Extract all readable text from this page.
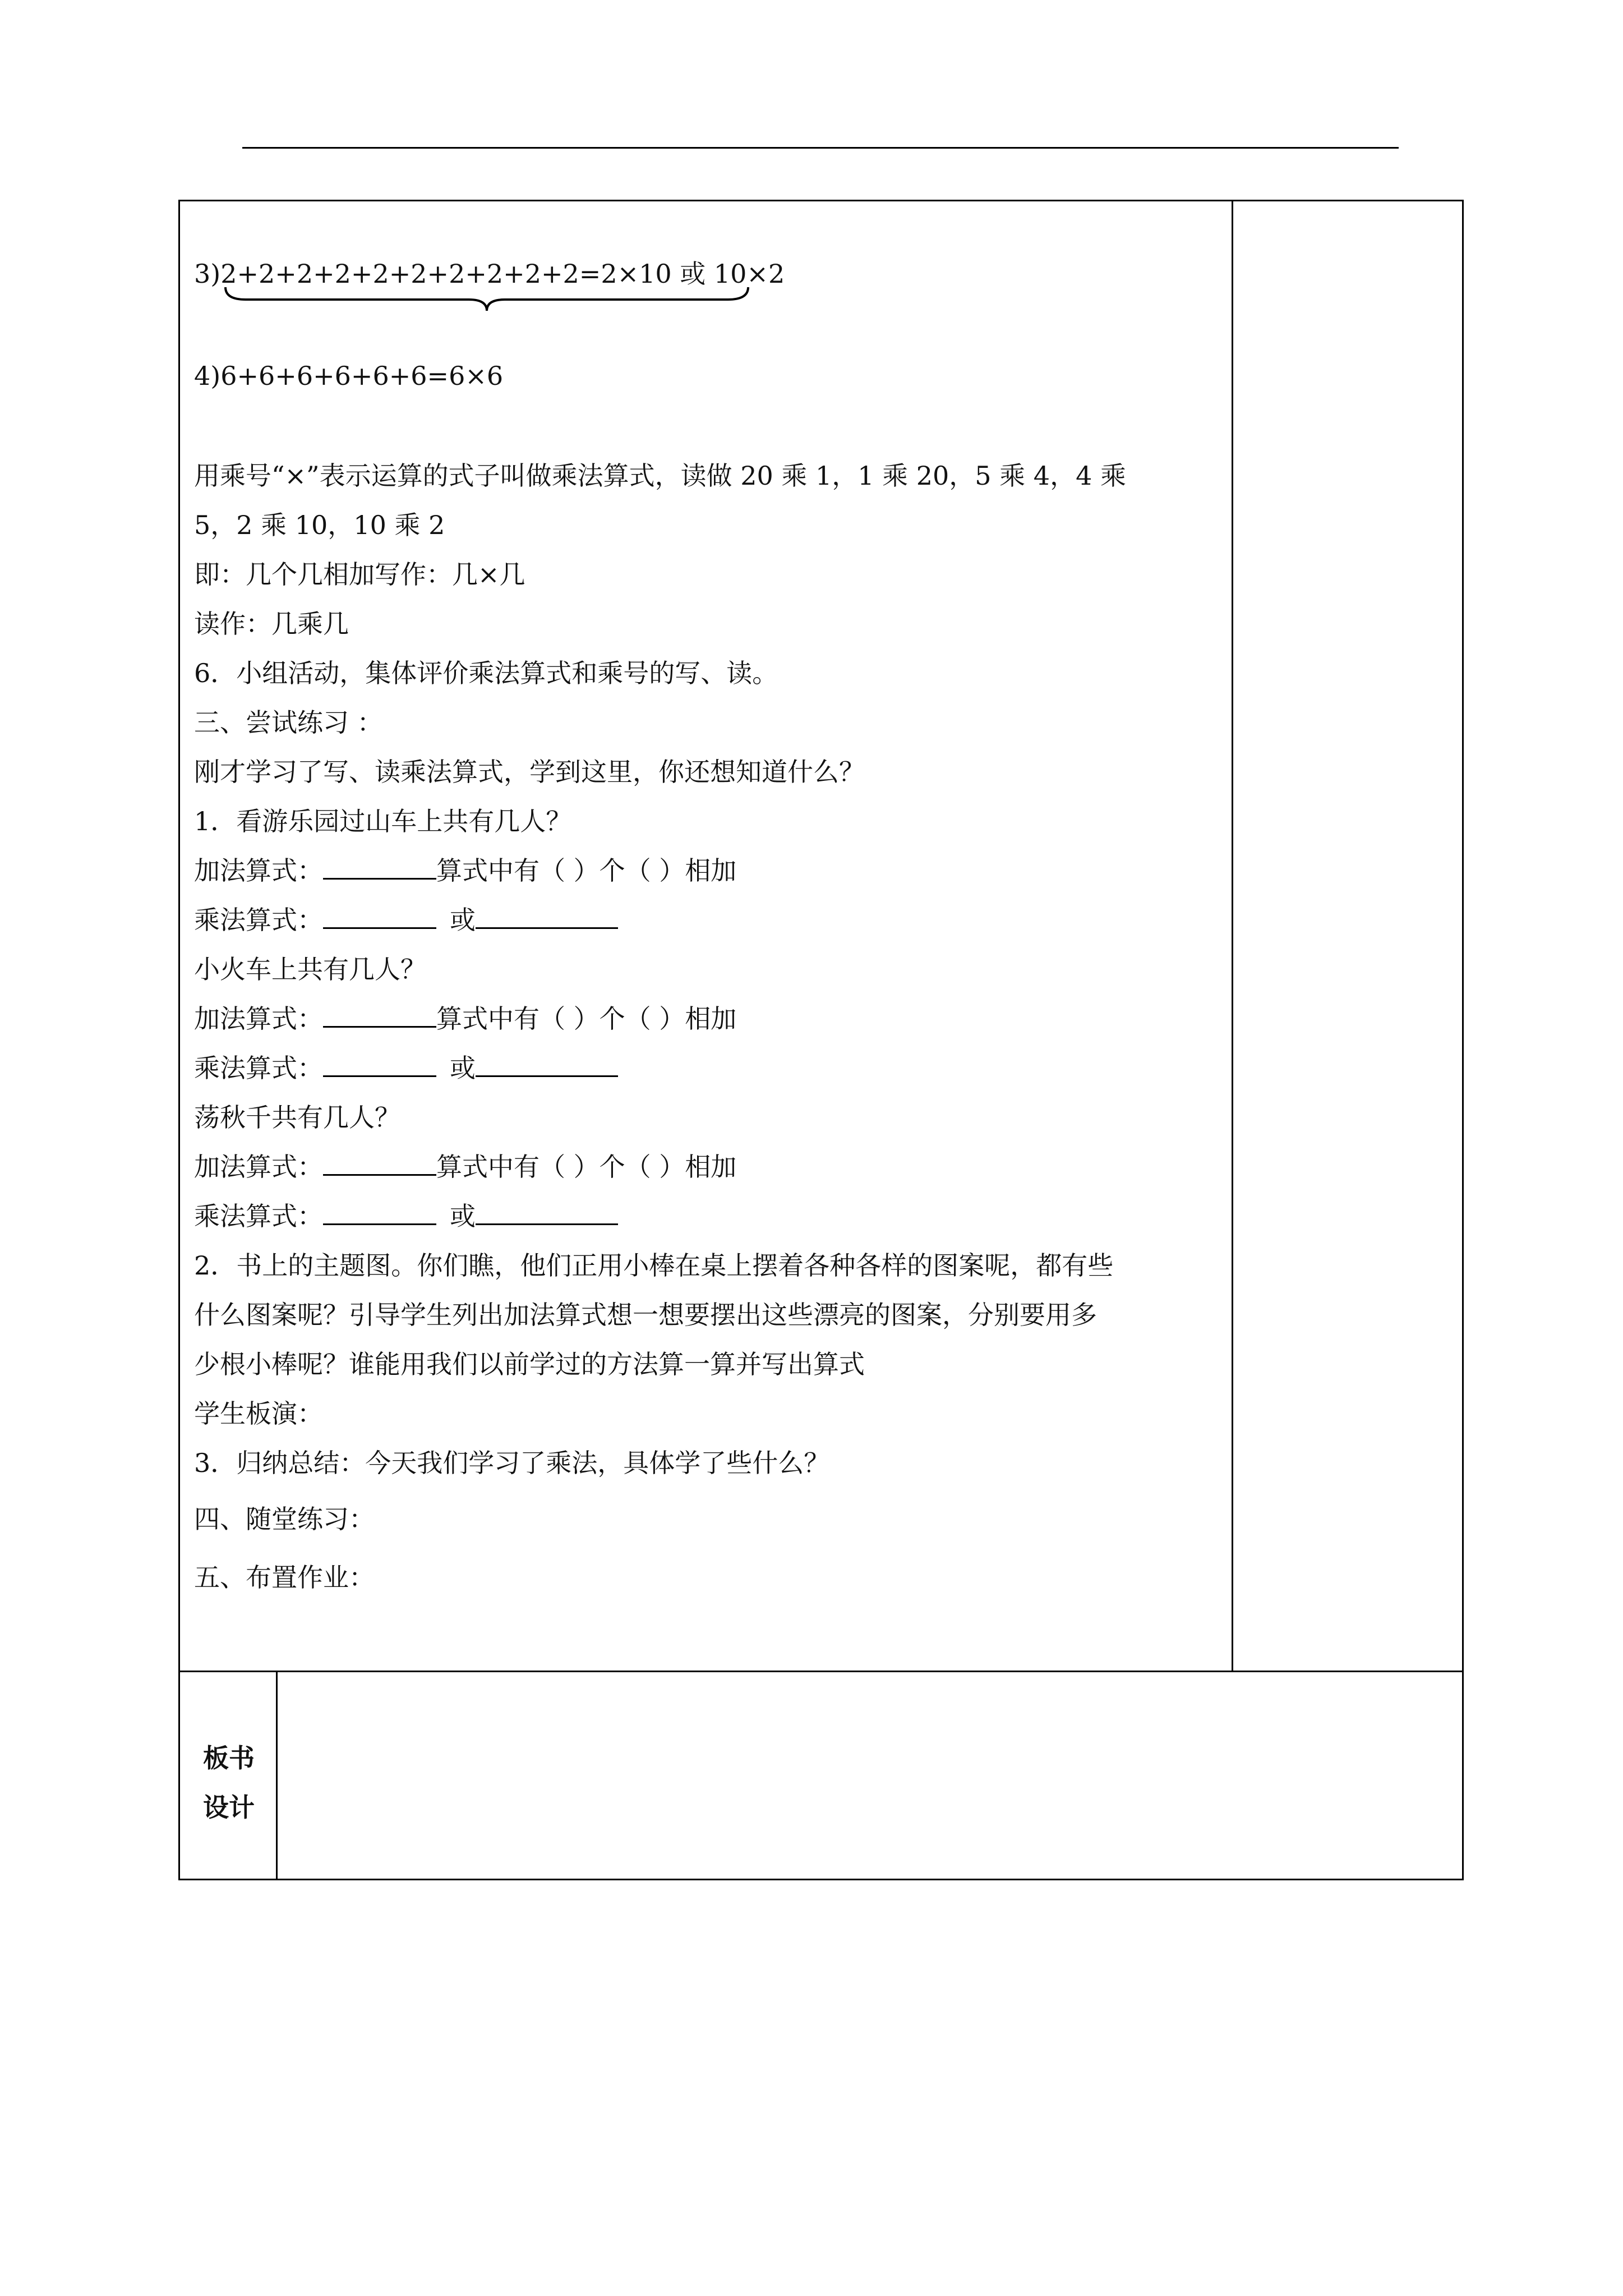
3)2+2+2+2+2+2+2+2+2+2=2×10 或 10×2
4)6+6+6+6+6+6=6×6
用乘号“×”表示运算的式子叫做乘法算式，读做 20 乘 1，1 乘 20，5 乘 4，4 乘
5，2 乘 10，10 乘 2
即：几个几相加写作：几×几
读作：几乘几
6．小组活动，集体评价乘法算式和乘号的写、读。
三、尝试练习 ：
刚才学习了写、读乘法算式，学到这里，你还想知道什么？
1．看游乐园过山车上共有几人？
加法算式：	算式中有（ ）个（ ）相加
乘法算式：	或
小火车上共有几人？
加法算式：	算式中有（ ）个（ ）相加
乘法算式：	或
荡秋千共有几人？
加法算式：	算式中有（ ）个（ ）相加
乘法算式：	或
2．书上的主题图。你们瞧，他们正用小棒在桌上摆着各种各样的图案呢，都有些
什么图案呢？引导学生列出加法算式想一想要摆出这些漂亮的图案，分别要用多
少根小棒呢？谁能用我们以前学过的方法算一算并写出算式
学生板演：
3．归纳总结：今天我们学习了乘法，具体学了些什么？
四、随堂练习：
五、布置作业：
板书
设计
